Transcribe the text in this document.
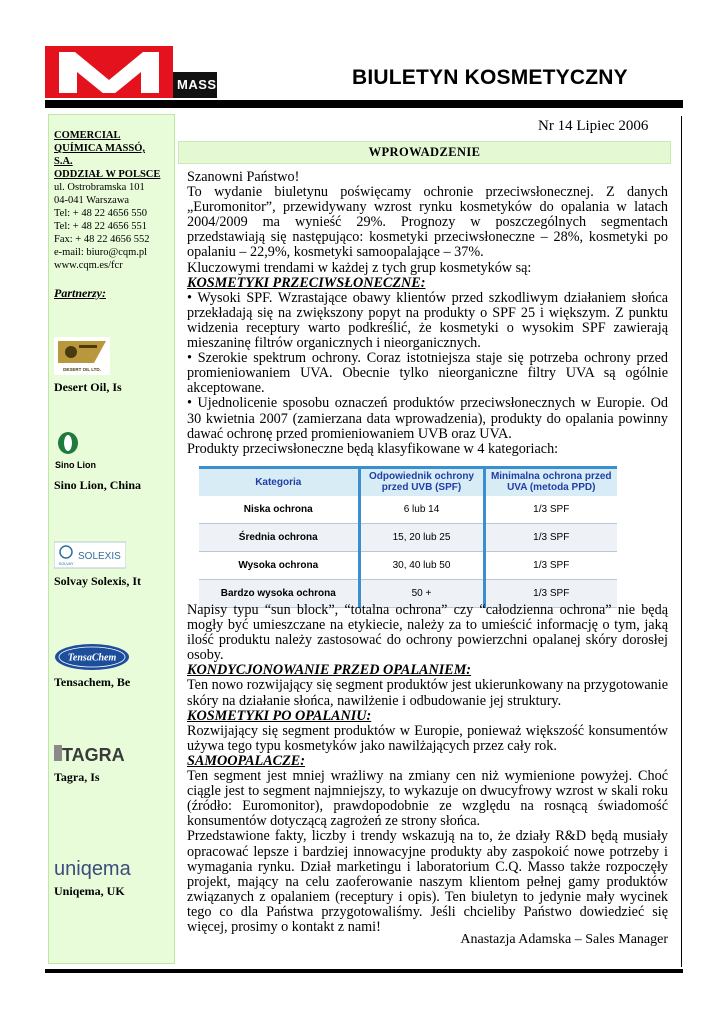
MASSŌ	BIULETYN KOSMETYCZNY
COMERCIAL
QUÍMICA MASSÓ,
S.A.
ODDZIAŁ W POLSCE
ul. Ostrobramska 101
04-041 Warszawa
Tel: + 48 22 4656 550
Tel: + 48 22 4656 551
Fax: + 48 22 4656 552
e-mail: biuro@cqm.pl
www.cqm.es/fcr
Partnerzy:
DESERT OIL LTD.
Desert Oil, Is
Sino Lion
Sino Lion, China
SOLVAY
SOLEXIS
Solvay Solexis, It
TensaChem
Tensachem, Be
TAGRA
Tagra, Is
uniqema
Uniqema, UK
Nr 14 Lipiec 2006
WPROWADZENIE

Szanowni Państwo!

To wydanie biuletynu poświęcamy ochronie przeciwsłonecznej. Z danych „Euromonitor”, przewidywany wzrost rynku kosmetyków do opalania w latach 2004/2009 ma wynieść 29%. Prognozy w poszczególnych segmentach przedstawiają się następująco: kosmetyki przeciwsłoneczne – 28%, kosmetyki po opalaniu – 22,9%, kosmetyki samoopalające – 37%.

Kluczowymi trendami w każdej z tych grup kosmetyków są:

KOSMETYKI PRZECIWSŁONECZNE:

• Wysoki SPF. Wzrastające obawy klientów przed szkodliwym działaniem słońca przekładają się na zwiększony popyt na produkty o SPF 25 i większym. Z punktu widzenia receptury warto podkreślić, że kosmetyki o wysokim SPF zawierają mieszaninę filtrów organicznych i nieorganicznych.

• Szerokie spektrum ochrony. Coraz istotniejsza staje się potrzeba ochrony przed promieniowaniem UVA. Obecnie tylko nieorganiczne filtry UVA są ogólnie akceptowane.

• Ujednolicenie sposobu oznaczeń produktów przeciwsłonecznych w Europie. Od 30 kwietnia 2007 (zamierzana data wprowadzenia), produkty do opalania powinny dawać ochronę przed promieniowaniem UVB oraz UVA.

Produkty przeciwsłoneczne będą klasyfikowane w 4 kategoriach:

Kategoria	Odpowiednik ochrony przed UVB (SPF)	Minimalna ochrona przed UVA (metoda PPD)
Niska ochrona	6 lub 14	1/3 SPF
Średnia ochrona	15, 20 lub 25	1/3 SPF
Wysoka ochrona	30, 40 lub 50	1/3 SPF
Bardzo wysoka ochrona	50 +	1/3 SPF

Napisy typu “sun block”, “totalna ochrona” czy “całodzienna ochrona” nie będą mogły być umieszczane na etykiecie, należy za to umieścić informację o tym, jaką ilość produktu należy zastosować do ochrony powierzchni opalanej skóry dorosłej osoby.

KONDYCJONOWANIE PRZED OPALANIEM:

Ten nowo rozwijający się segment produktów jest ukierunkowany na przygotowanie skóry na działanie słońca, nawilżenie i odbudowanie jej struktury.

KOSMETYKI PO OPALANIU:

Rozwijający się segment produktów w Europie, ponieważ większość konsumentów używa tego typu kosmetyków jako nawilżających przez cały rok.

SAMOOPALACZE:

Ten segment jest mniej wrażliwy na zmiany cen niż wymienione powyżej. Choć ciągle jest to segment najmniejszy, to wykazuje on dwucyfrowy wzrost w skali roku (źródło: Euromonitor), prawdopodobnie ze względu na rosnącą świadomość konsumentów dotyczącą zagrożeń ze strony słońca.

Przedstawione fakty, liczby i trendy wskazują na to, że działy R&D będą musiały opracować lepsze i bardziej innowacyjne produkty aby zaspokoić nowe potrzeby i wymagania rynku. Dział marketingu i laboratorium C.Q. Masso także rozpoczęły projekt, mający na celu zaoferowanie naszym klientom pełnej gamy produktów związanych z opalaniem (receptury i opis). Ten biuletyn to jedynie mały wycinek tego co dla Państwa przygotowaliśmy. Jeśli chcieliby Państwo dowiedzieć się więcej, prosimy o kontakt z nami!

Anastazja Adamska – Sales Manager
